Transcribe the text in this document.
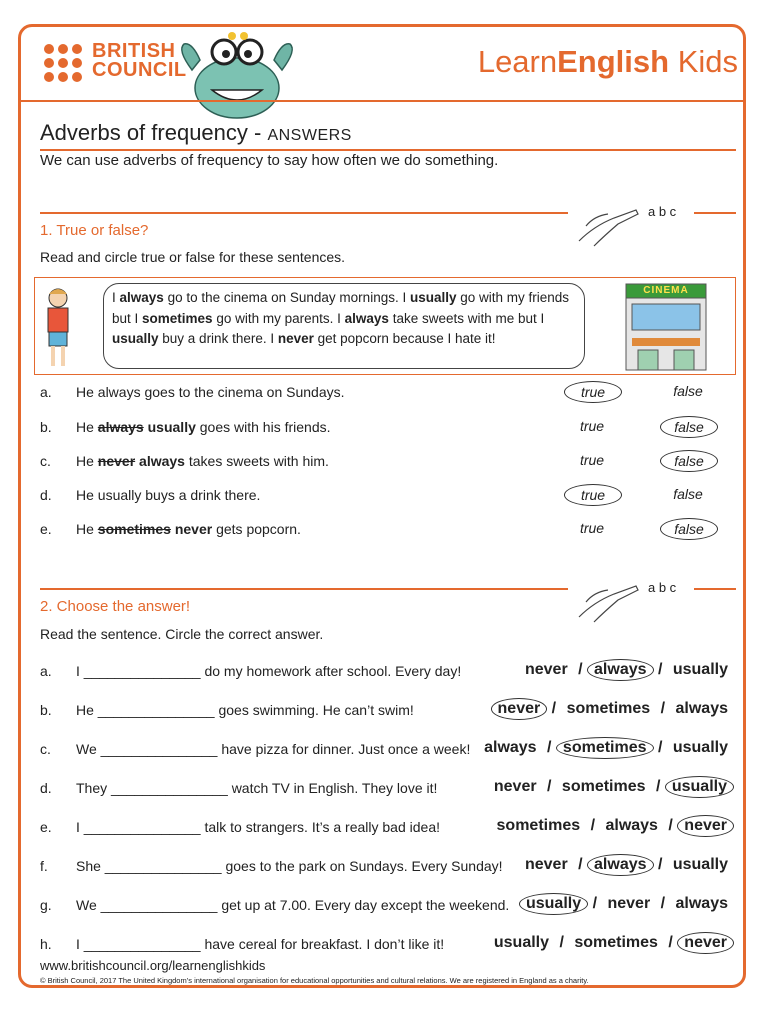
BRITISH
COUNCIL	LearnEnglish Kids
Adverbs of frequency - ANSWERS
We can use adverbs of frequency to say how often we do something.
a b c
1. True or false?
Read and circle true or false for these sentences.
I always go to the cinema on Sunday mornings. I usually go with my friends but I sometimes go with my parents. I always take sweets with me but I usually buy a drink there. I never get popcorn because I hate it!
CINEMA
a. He always goes to the cinema on Sundays.	true	false
b. He always usually goes with his friends.	true	false
c. He never always takes sweets with him.	true	false
d. He usually buys a drink there.	true	false
e. He sometimes never gets popcorn.	true	false
a b c
2. Choose the answer!
Read the sentence. Circle the correct answer.
a. I _______________ do my homework after school. Every day!	never / always / usually
b. He _______________ goes swimming. He can’t swim!	never / sometimes / always
c. We _______________ have pizza for dinner. Just once a week! always / sometimes / usually
d. They _______________ watch TV in English. They love it!	never / sometimes / usually
e. I _______________ talk to strangers. It’s a really bad idea!	sometimes / always / never
f. She _______________ goes to the park on Sundays. Every Sunday!	never / always / usually
g. We _______________ get up at 7.00. Every day except the weekend.	usually / never / always
h. I _______________ have cereal for breakfast. I don’t like it!	usually / sometimes / never
www.britishcouncil.org/learnenglishkids
© British Council, 2017 The United Kingdom’s international organisation for educational opportunities and cultural relations. We are registered in England as a charity.
